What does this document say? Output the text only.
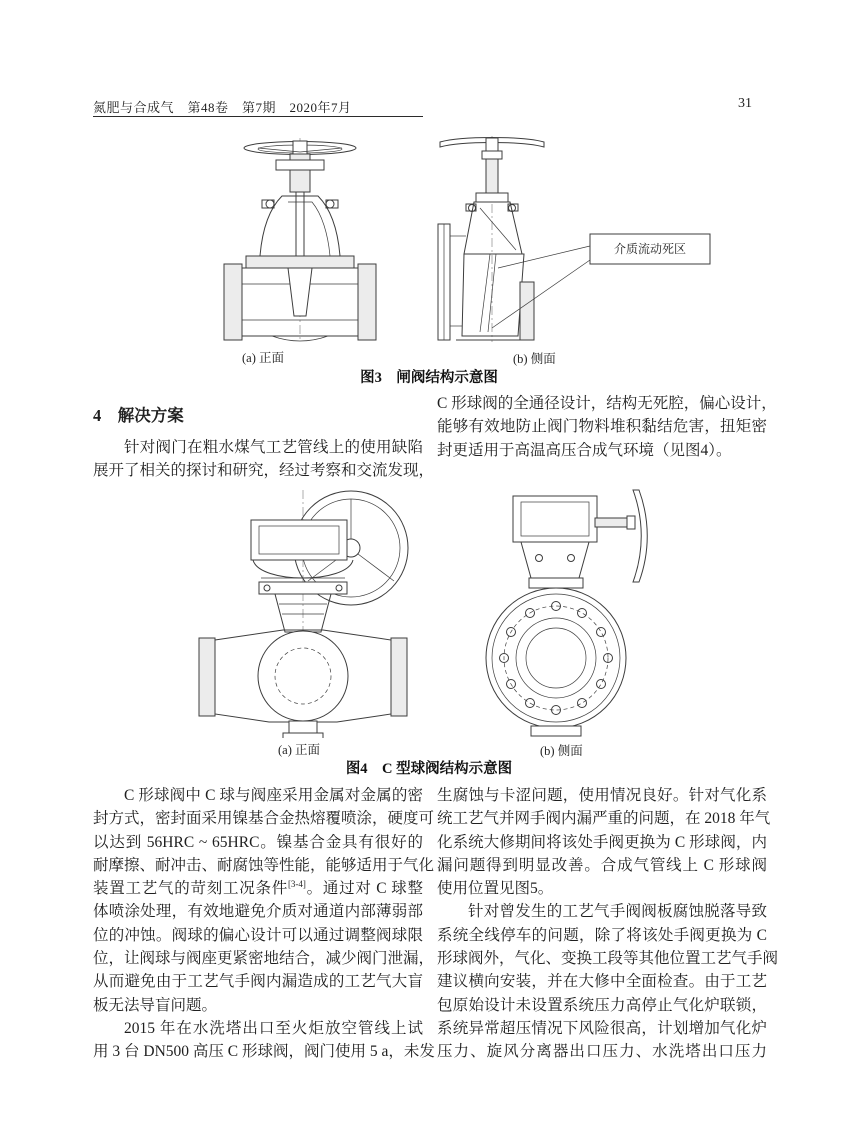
氮肥与合成气　第48卷　第7期　2020年7月	31
介质流动死区
(a) 正面	(b) 侧面
图3　闸阀结构示意图
4　解决方案
针对阀门在粗水煤气工艺管线上的使用缺陷
展开了相关的探讨和研究，经过考察和交流发现，
C 形球阀的全通径设计，结构无死腔，偏心设计，
能够有效地防止阀门物料堆积黏结危害，扭矩密
封更适用于高温高压合成气环境（见图4）。
(a) 正面	(b) 侧面
图4　C 型球阀结构示意图
C 形球阀中 C 球与阀座采用金属对金属的密
封方式，密封面采用镍基合金热熔覆喷涂，硬度可
以达到 56HRC ~ 65HRC。镍基合金具有很好的
耐摩擦、耐冲击、耐腐蚀等性能，能够适用于气化
装置工艺气的苛刻工况条件[3-4]。通过对 C 球整
体喷涂处理，有效地避免介质对通道内部薄弱部
位的冲蚀。阀球的偏心设计可以通过调整阀球限
位，让阀球与阀座更紧密地结合，减少阀门泄漏，
从而避免由于工艺气手阀内漏造成的工艺气大盲
板无法导盲问题。
2015 年在水洗塔出口至火炬放空管线上试
用 3 台 DN500 高压 C 形球阀，阀门使用 5 a，未发
生腐蚀与卡涩问题，使用情况良好。针对气化系
统工艺气并网手阀内漏严重的问题，在 2018 年气
化系统大修期间将该处手阀更换为 C 形球阀，内
漏问题得到明显改善。合成气管线上 C 形球阀
使用位置见图5。
针对曾发生的工艺气手阀阀板腐蚀脱落导致
系统全线停车的问题，除了将该处手阀更换为 C
形球阀外，气化、变换工段等其他位置工艺气手阀
建议横向安装，并在大修中全面检查。由于工艺
包原始设计未设置系统压力高停止气化炉联锁，
系统异常超压情况下风险很高，计划增加气化炉
压力、旋风分离器出口压力、水洗塔出口压力
